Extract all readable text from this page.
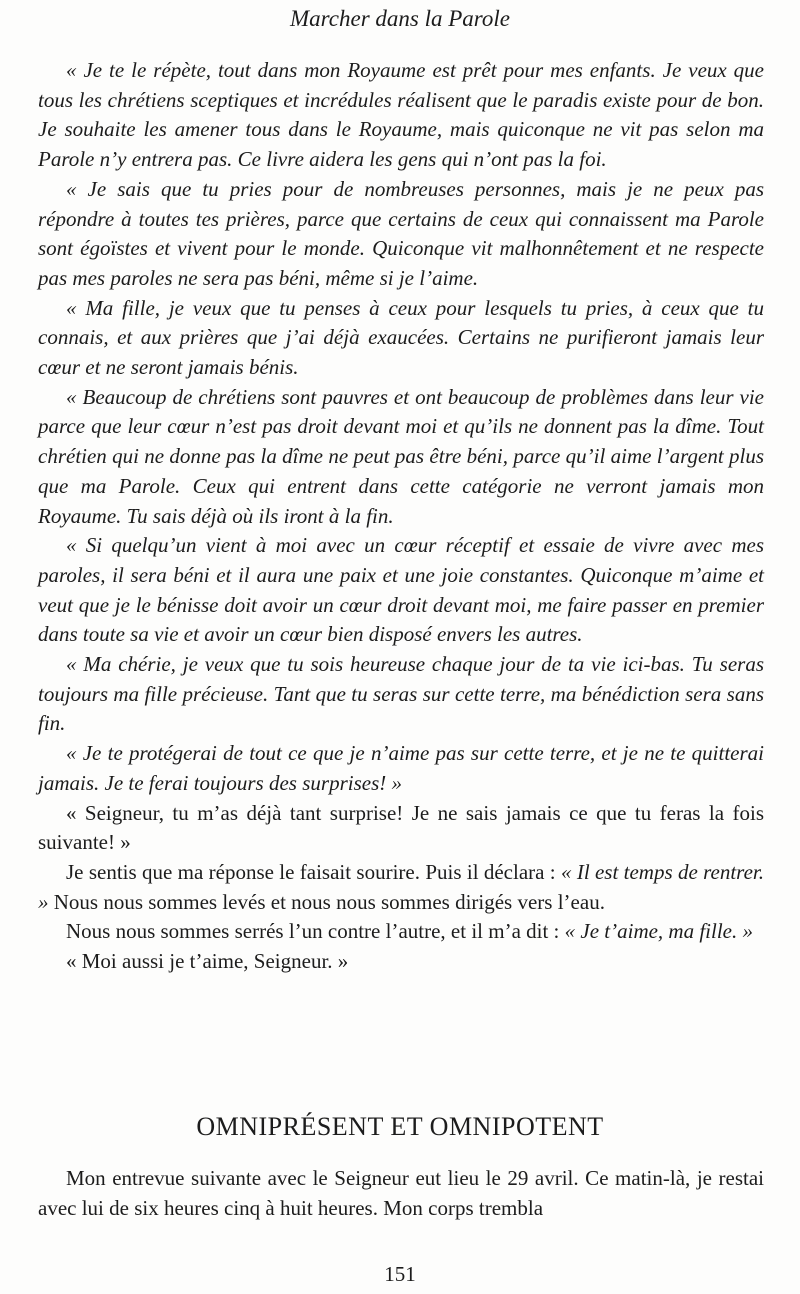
Marcher dans la Parole

« Je te le répète, tout dans mon Royaume est prêt pour mes enfants. Je veux que tous les chrétiens sceptiques et incrédules réalisent que le paradis existe pour de bon. Je souhaite les amener tous dans le Royaume, mais quiconque ne vit pas selon ma Parole n’y entrera pas. Ce livre aidera les gens qui n’ont pas la foi.

« Je sais que tu pries pour de nombreuses personnes, mais je ne peux pas répondre à toutes tes prières, parce que certains de ceux qui connaissent ma Parole sont égoïstes et vivent pour le monde. Quiconque vit malhonnêtement et ne respecte pas mes paroles ne sera pas béni, même si je l’aime.

« Ma fille, je veux que tu penses à ceux pour lesquels tu pries, à ceux que tu connais, et aux prières que j’ai déjà exaucées. Certains ne purifieront jamais leur cœur et ne seront jamais bénis.

« Beaucoup de chrétiens sont pauvres et ont beaucoup de problèmes dans leur vie parce que leur cœur n’est pas droit devant moi et qu’ils ne donnent pas la dîme. Tout chrétien qui ne donne pas la dîme ne peut pas être béni, parce qu’il aime l’argent plus que ma Parole. Ceux qui entrent dans cette catégorie ne verront jamais mon Royaume. Tu sais déjà où ils iront à la fin.

« Si quelqu’un vient à moi avec un cœur réceptif et essaie de vivre avec mes paroles, il sera béni et il aura une paix et une joie constantes. Quiconque m’aime et veut que je le bénisse doit avoir un cœur droit devant moi, me faire passer en premier dans toute sa vie et avoir un cœur bien disposé envers les autres.

« Ma chérie, je veux que tu sois heureuse chaque jour de ta vie ici-bas. Tu seras toujours ma fille précieuse. Tant que tu seras sur cette terre, ma bénédiction sera sans fin.

« Je te protégerai de tout ce que je n’aime pas sur cette terre, et je ne te quitterai jamais. Je te ferai toujours des surprises! »

« Seigneur, tu m’as déjà tant surprise! Je ne sais jamais ce que tu feras la fois suivante! »

Je sentis que ma réponse le faisait sourire. Puis il déclara : « Il est temps de rentrer. » Nous nous sommes levés et nous nous sommes dirigés vers l’eau.

Nous nous sommes serrés l’un contre l’autre, et il m’a dit : « Je t’aime, ma fille. »

« Moi aussi je t’aime, Seigneur. »

OMNIPRÉSENT ET OMNIPOTENT

Mon entrevue suivante avec le Seigneur eut lieu le 29 avril. Ce matin-là, je restai avec lui de six heures cinq à huit heures. Mon corps trembla

151
